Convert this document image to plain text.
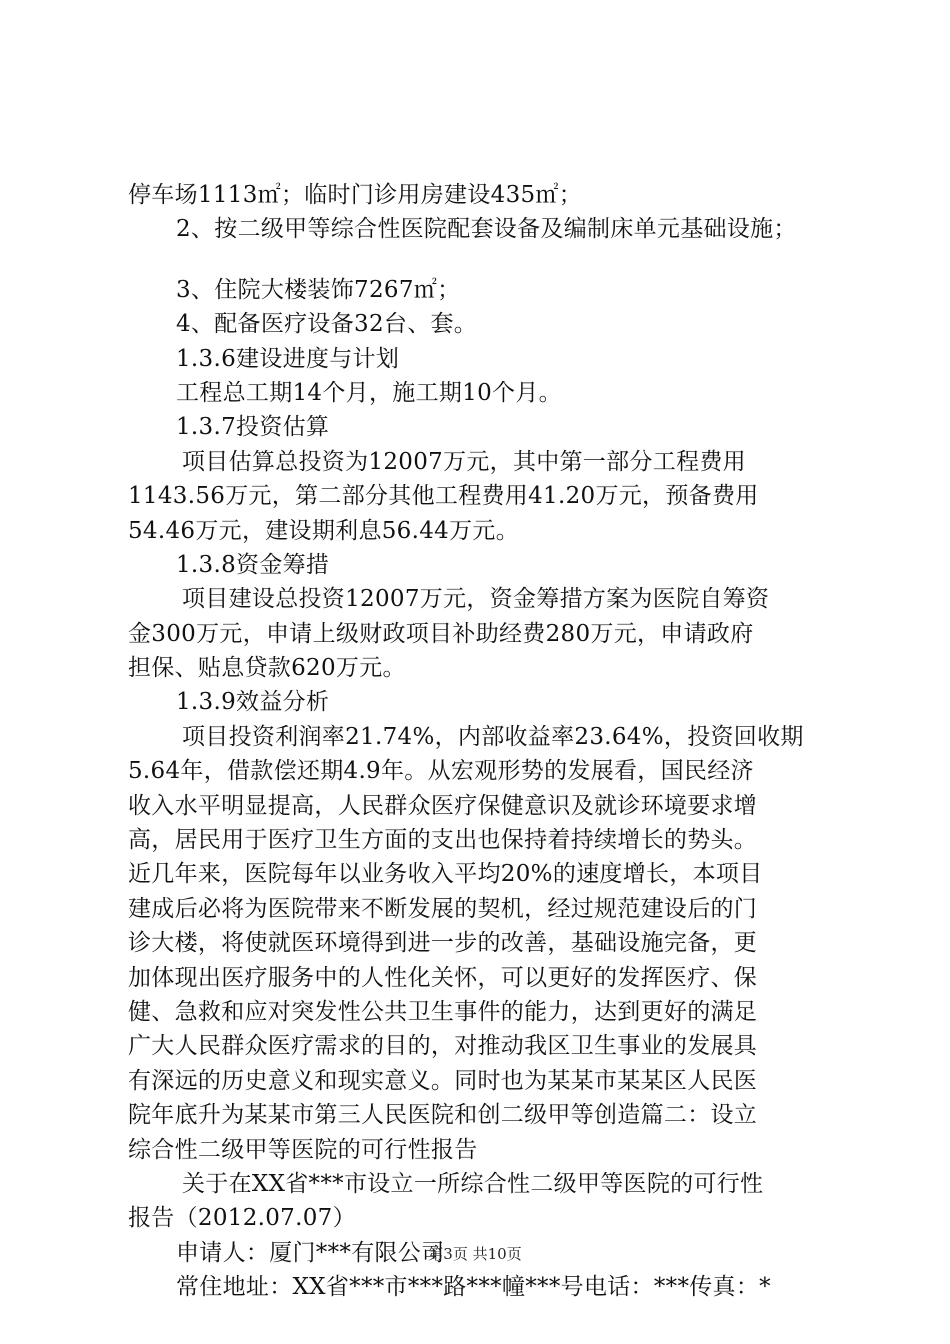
停车场1113㎡；临时门诊用房建设435㎡；
2、按二级甲等综合性医院配套设备及编制床单元基础设施；
3、住院大楼装饰7267㎡；
4、配备医疗设备32台、套。
1.3.6建设进度与计划
工程总工期14个月，施工期10个月。
1.3.7投资估算
项目估算总投资为12007万元，其中第一部分工程费用
1143.56万元，第二部分其他工程费用41.20万元，预备费用
54.46万元，建设期利息56.44万元。
1.3.8资金筹措
项目建设总投资12007万元，资金筹措方案为医院自筹资
金300万元，申请上级财政项目补助经费280万元，申请政府
担保、贴息贷款620万元。
1.3.9效益分析
项目投资利润率21.74%，内部收益率23.64%，投资回收期
5.64年，借款偿还期4.9年。从宏观形势的发展看，国民经济
收入水平明显提高，人民群众医疗保健意识及就诊环境要求增
高，居民用于医疗卫生方面的支出也保持着持续增长的势头。
近几年来，医院每年以业务收入平均20%的速度增长，本项目
建成后必将为医院带来不断发展的契机，经过规范建设后的门
诊大楼，将使就医环境得到进一步的改善，基础设施完备，更
加体现出医疗服务中的人性化关怀，可以更好的发挥医疗、保
健、急救和应对突发性公共卫生事件的能力，达到更好的满足
广大人民群众医疗需求的目的，对推动我区卫生事业的发展具
有深远的历史意义和现实意义。同时也为某某市某某区人民医
院年底升为某某市第三人民医院和创二级甲等创造篇二：设立
综合性二级甲等医院的可行性报告
关于在XX省***市设立一所综合性二级甲等医院的可行性
报告（2012.07.07）
申请人：厦门***有限公司
常住地址：XX省***市***路***幢***号电话：***传真：*
第3页 共10页
